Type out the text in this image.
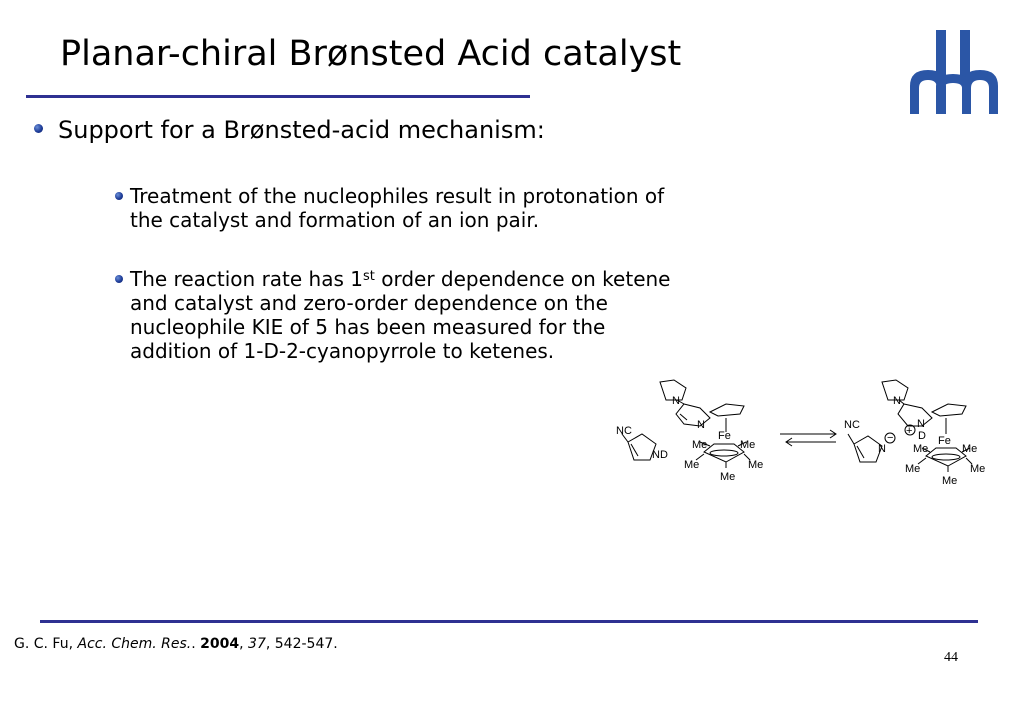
Planar-chiral Brønsted Acid catalyst
Support for a Brønsted-acid mechanism:
Treatment of the nucleophiles result in protonation of
the catalyst and formation of an ion pair.
The reaction rate has 1st order dependence on ketene
and catalyst and zero-order dependence on the
nucleophile KIE of 5 has been measured for the
addition of 1-D-2-cyanopyrrole to ketenes.
NC
ND
N
N
Fe
Me	Me
Me	Me
Me
NC
N
−
+
N
N
D Fe
Me	Me
Me	Me
Me
G. C. Fu, Acc. Chem. Res.. 2004, 37, 542-547.
44
